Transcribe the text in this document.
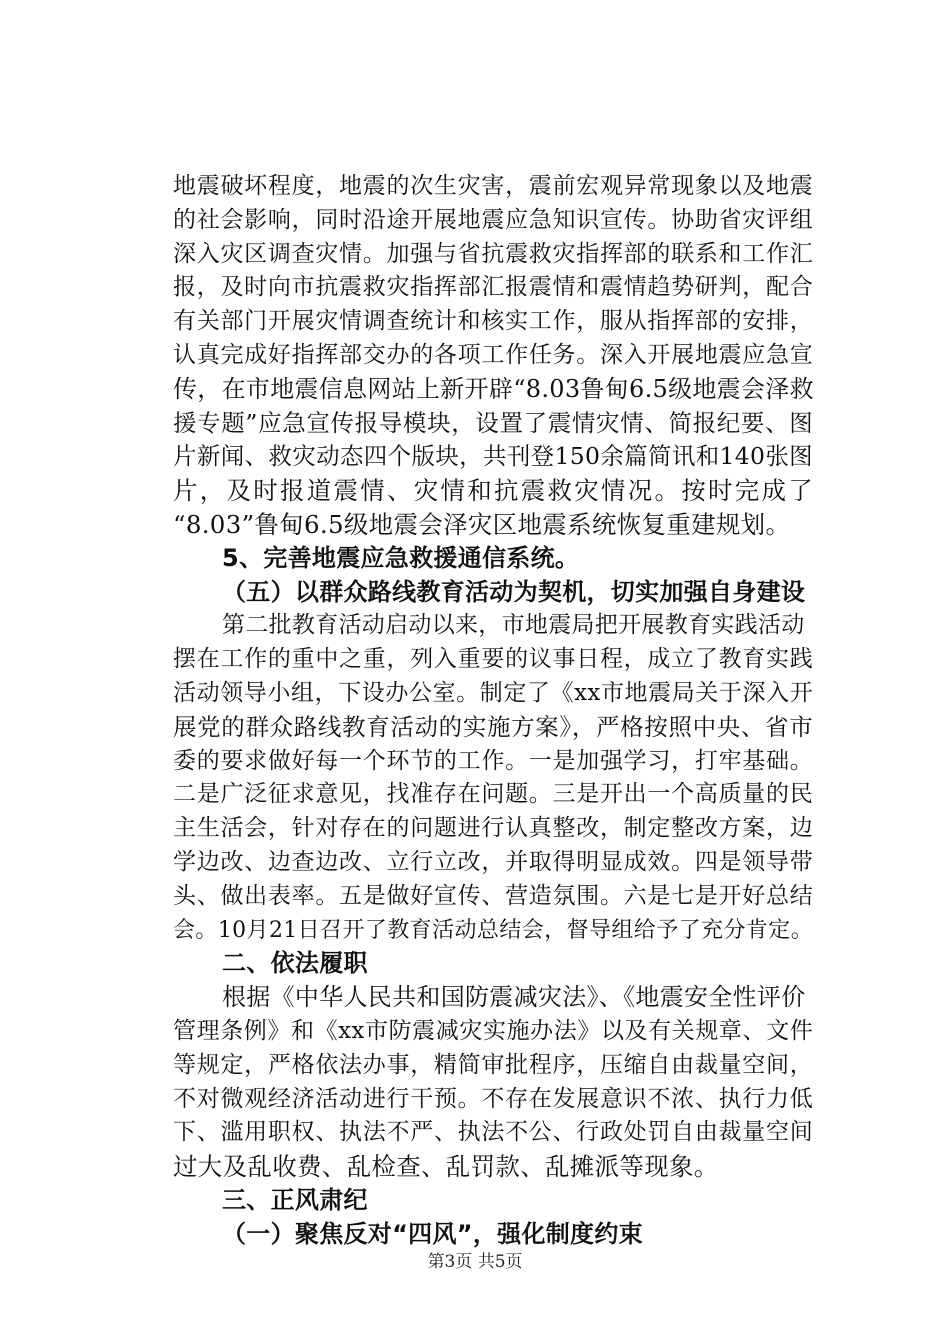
地震破坏程度，地震的次生灾害，震前宏观异常现象以及地震
的社会影响，同时沿途开展地震应急知识宣传。协助省灾评组
深入灾区调查灾情。加强与省抗震救灾指挥部的联系和工作汇
报，及时向市抗震救灾指挥部汇报震情和震情趋势研判，配合
有关部门开展灾情调查统计和核实工作，服从指挥部的安排，
认真完成好指挥部交办的各项工作任务。深入开展地震应急宣
传，在市地震信息网站上新开辟“8.03鲁甸6.5级地震会泽救
援专题”应急宣传报导模块，设置了震情灾情、简报纪要、图
片新闻、救灾动态四个版块，共刊登150余篇简讯和140张图
片，及时报道震情、灾情和抗震救灾情况。按时完成了
“8.03”鲁甸6.5级地震会泽灾区地震系统恢复重建规划。
5、完善地震应急救援通信系统。
（五）以群众路线教育活动为契机，切实加强自身建设
第二批教育活动启动以来，市地震局把开展教育实践活动
摆在工作的重中之重，列入重要的议事日程，成立了教育实践
活动领导小组，下设办公室。制定了《xx市地震局关于深入开
展党的群众路线教育活动的实施方案》，严格按照中央、省市
委的要求做好每一个环节的工作。一是加强学习，打牢基础。
二是广泛征求意见，找准存在问题。三是开出一个高质量的民
主生活会，针对存在的问题进行认真整改，制定整改方案，边
学边改、边查边改、立行立改，并取得明显成效。四是领导带
头、做出表率。五是做好宣传、营造氛围。六是七是开好总结
会。10月21日召开了教育活动总结会，督导组给予了充分肯定。
二、依法履职
根据《中华人民共和国防震减灾法》、《地震安全性评价
管理条例》和《xx市防震减灾实施办法》以及有关规章、文件
等规定，严格依法办事，精简审批程序，压缩自由裁量空间，
不对微观经济活动进行干预。不存在发展意识不浓、执行力低
下、滥用职权、执法不严、执法不公、行政处罚自由裁量空间
过大及乱收费、乱检查、乱罚款、乱摊派等现象。
三、正风肃纪
（一）聚焦反对“四风”，强化制度约束
第3页 共5页
